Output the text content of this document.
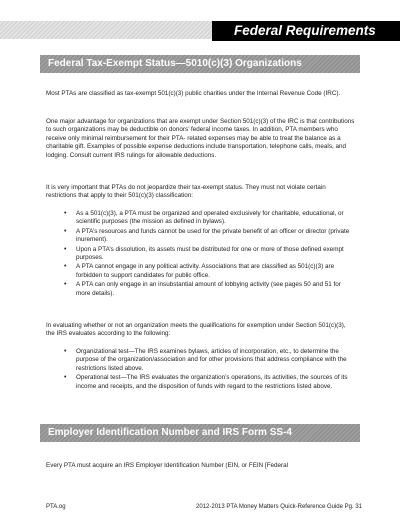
Federal Requirements
Federal Tax-Exempt Status—5010(c)(3) Organizations

Most PTAs are classified as tax-exempt 501(c)(3) public charities under the Internal Revenue Code (IRC).

One major advantage for organizations that are exempt under Section 501(c)(3) of the IRC is that contributions to such organizations may be deductible on donors’ federal income taxes. In addition, PTA members who receive only minimal reimbursement for their PTA- related expenses may be able to treat the balance as a charitable gift. Examples of possible expense deductions include transportation, telephone calls, meals, and lodging. Consult current IRS rulings for allowable deductions.

It is very important that PTAs do not jeopardize their tax-exempt status. They must not violate certain restrictions that apply to their 501(c)(3) classification:

• As a 501(c)(3), a PTA must be organized and operated exclusively for charitable, educational, or scientific purposes (the mission as defined in bylaws).
• A PTA’s resources and funds cannot be used for the private benefit of an officer or director (private inurement).
• Upon a PTA’s dissolution, its assets must be distributed for one or more of those defined exempt purposes.
• A PTA cannot engage in any political activity. Associations that are classified as 501(c)(3) are forbidden to support candidates for public office.
• A PTA can only engage in an insubstantial amount of lobbying activity (see pages 50 and 51 for more details).

In evaluating whether or not an organization meets the qualifications for exemption under Section 501(c)(3), the IRS evaluates according to the following:

• Organizational test—The IRS examines bylaws, articles of incorporation, etc., to determine the purpose of the organization/association and for other provisions that address compliance with the restrictions listed above.
• Operational test—The IRS evaluates the organization’s operations, its activities, the sources of its income and receipts, and the disposition of funds with regard to the restrictions listed above.
Employer Identification Number and IRS Form SS-4

Every PTA must acquire an IRS Employer Identification Number (EIN, or FEIN [Federal

PTA.og	2012-2013 PTA Money Matters Quick-Reference Guide Pg. 31
